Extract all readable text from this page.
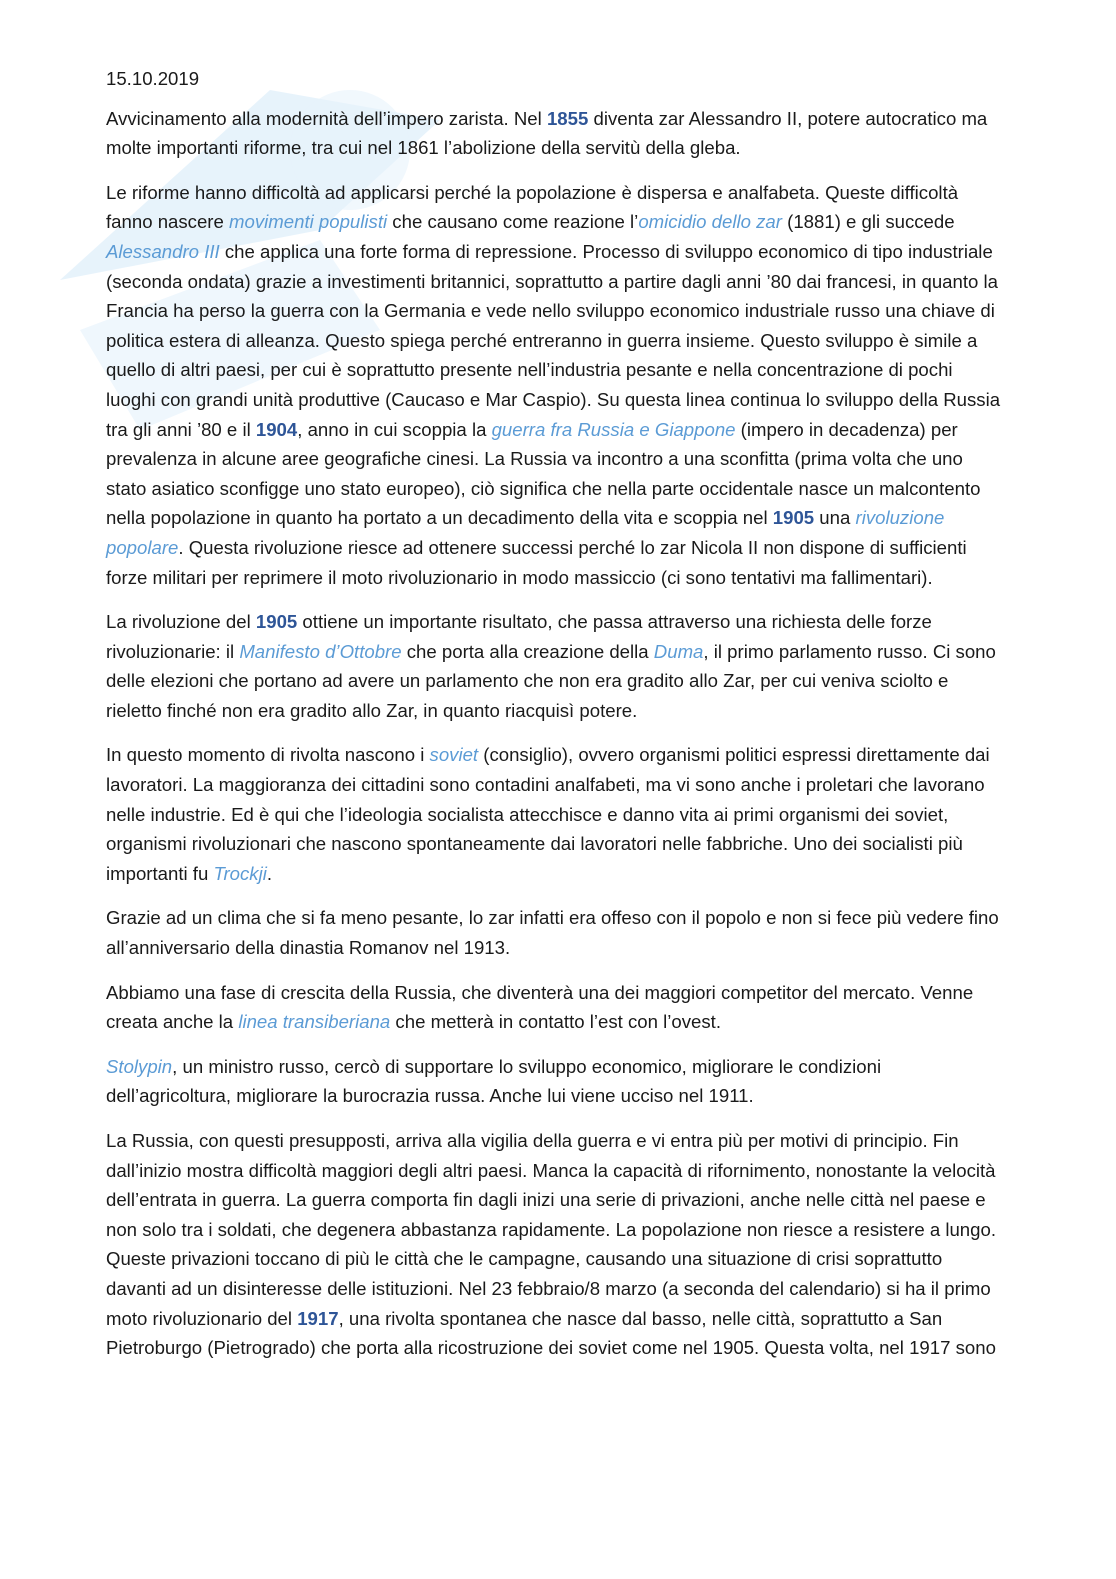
15.10.2019

Avvicinamento alla modernità dell’impero zarista. Nel 1855 diventa zar Alessandro II, potere autocratico ma molte importanti riforme, tra cui nel 1861 l’abolizione della servitù della gleba.

Le riforme hanno difficoltà ad applicarsi perché la popolazione è dispersa e analfabeta. Queste difficoltà fanno nascere movimenti populisti che causano come reazione l’omicidio dello zar (1881) e gli succede Alessandro III che applica una forte forma di repressione. Processo di sviluppo economico di tipo industriale (seconda ondata) grazie a investimenti britannici, soprattutto a partire dagli anni ’80 dai francesi, in quanto la Francia ha perso la guerra con la Germania e vede nello sviluppo economico industriale russo una chiave di politica estera di alleanza. Questo spiega perché entreranno in guerra insieme. Questo sviluppo è simile a quello di altri paesi, per cui è soprattutto presente nell’industria pesante e nella concentrazione di pochi luoghi con grandi unità produttive (Caucaso e Mar Caspio). Su questa linea continua lo sviluppo della Russia tra gli anni ’80 e il 1904, anno in cui scoppia la guerra fra Russia e Giappone (impero in decadenza) per prevalenza in alcune aree geografiche cinesi. La Russia va incontro a una sconfitta (prima volta che uno stato asiatico sconfigge uno stato europeo), ciò significa che nella parte occidentale nasce un malcontento nella popolazione in quanto ha portato a un decadimento della vita e scoppia nel 1905 una rivoluzione popolare. Questa rivoluzione riesce ad ottenere successi perché lo zar Nicola II non dispone di sufficienti forze militari per reprimere il moto rivoluzionario in modo massiccio (ci sono tentativi ma fallimentari).

La rivoluzione del 1905 ottiene un importante risultato, che passa attraverso una richiesta delle forze rivoluzionarie: il Manifesto d’Ottobre che porta alla creazione della Duma, il primo parlamento russo. Ci sono delle elezioni che portano ad avere un parlamento che non era gradito allo Zar, per cui veniva sciolto e rieletto finché non era gradito allo Zar, in quanto riacquisì potere.

In questo momento di rivolta nascono i soviet (consiglio), ovvero organismi politici espressi direttamente dai lavoratori. La maggioranza dei cittadini sono contadini analfabeti, ma vi sono anche i proletari che lavorano nelle industrie. Ed è qui che l’ideologia socialista attecchisce e danno vita ai primi organismi dei soviet, organismi rivoluzionari che nascono spontaneamente dai lavoratori nelle fabbriche. Uno dei socialisti più importanti fu Trockji.

Grazie ad un clima che si fa meno pesante, lo zar infatti era offeso con il popolo e non si fece più vedere fino all’anniversario della dinastia Romanov nel 1913.

Abbiamo una fase di crescita della Russia, che diventerà una dei maggiori competitor del mercato. Venne creata anche la linea transiberiana che metterà in contatto l’est con l’ovest.

Stolypin, un ministro russo, cercò di supportare lo sviluppo economico, migliorare le condizioni dell’agricoltura, migliorare la burocrazia russa. Anche lui viene ucciso nel 1911.

La Russia, con questi presupposti, arriva alla vigilia della guerra e vi entra più per motivi di principio. Fin dall’inizio mostra difficoltà maggiori degli altri paesi. Manca la capacità di rifornimento, nonostante la velocità dell’entrata in guerra. La guerra comporta fin dagli inizi una serie di privazioni, anche nelle città nel paese e non solo tra i soldati, che degenera abbastanza rapidamente. La popolazione non riesce a resistere a lungo. Queste privazioni toccano di più le città che le campagne, causando una situazione di crisi soprattutto davanti ad un disinteresse delle istituzioni. Nel 23 febbraio/8 marzo (a seconda del calendario) si ha il primo moto rivoluzionario del 1917, una rivolta spontanea che nasce dal basso, nelle città, soprattutto a San Pietroburgo (Pietrogrado) che porta alla ricostruzione dei soviet come nel 1905. Questa volta, nel 1917 sono
